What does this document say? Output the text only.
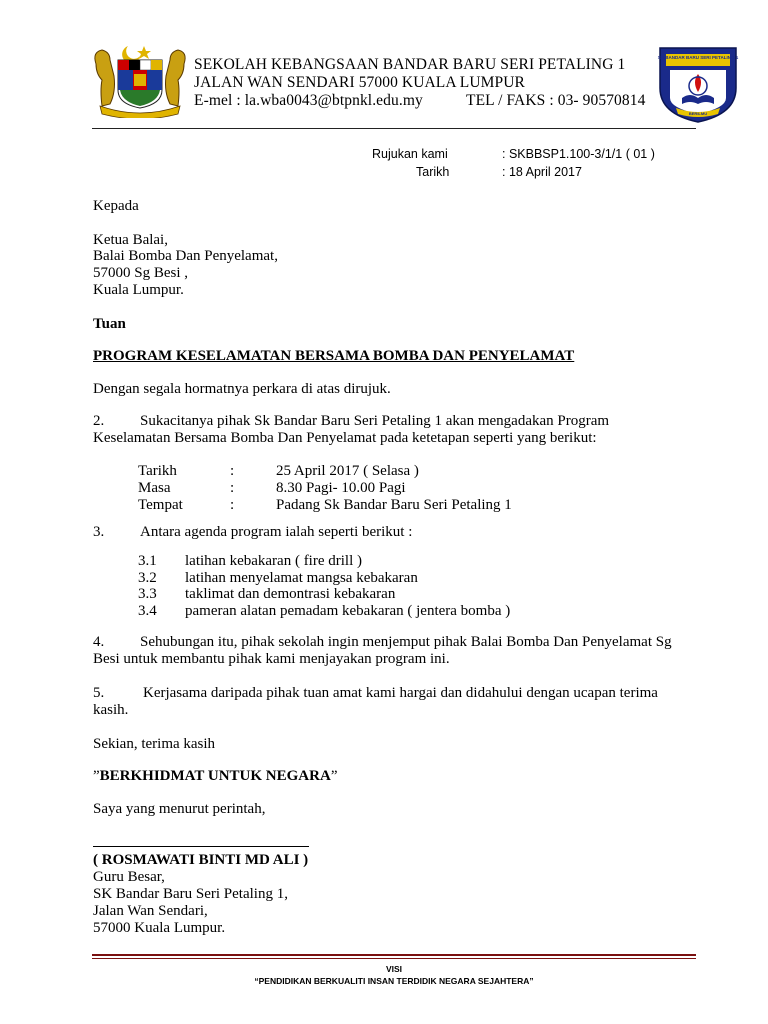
SEKOLAH KEBANGSAAN BANDAR BARU SERI PETALING 1
JALAN WAN SENDARI 57000 KUALA LUMPUR
E-mel : la.wba0043@btpnkl.edu.my	TEL / FAKS : 03- 90570814
SK BANDAR BARU SERI PETALING 1
BERILMU
Rujukan kami	: SKBBSP1.100-3/1/1 ( 01 )
Tarikh	: 18 April 2017
Kepada
Ketua Balai,
Balai Bomba Dan Penyelamat,
57000 Sg Besi ,
Kuala Lumpur.
Tuan
PROGRAM KESELAMATAN BERSAMA BOMBA DAN PENYELAMAT
Dengan segala hormatnya perkara di atas dirujuk.
2. Sukacitanya pihak Sk Bandar Baru Seri Petaling 1 akan mengadakan Program
Keselamatan Bersama Bomba Dan Penyelamat pada ketetapan seperti yang berikut:
Tarikh	:	25 April 2017 ( Selasa )
Masa	:	8.30 Pagi- 10.00 Pagi
Tempat	:	Padang Sk Bandar Baru Seri Petaling 1
3. Antara agenda program ialah seperti berikut :
3.1 latihan kebakaran ( fire drill )
3.2 latihan menyelamat mangsa kebakaran
3.3 taklimat dan demontrasi kebakaran
3.4 pameran alatan pemadam kebakaran ( jentera bomba )
4. Sehubungan itu, pihak sekolah ingin menjemput pihak Balai Bomba Dan Penyelamat Sg
Besi untuk membantu pihak kami menjayakan program ini.
5.	Kerjasama daripada pihak tuan amat kami hargai dan didahului dengan ucapan terima
kasih.
Sekian, terima kasih
”BERKHIDMAT UNTUK NEGARA”
Saya yang menurut perintah,
( ROSMAWATI BINTI MD ALI )
Guru Besar,
SK Bandar Baru Seri Petaling 1,
Jalan Wan Sendari,
57000 Kuala Lumpur.
VISI
“PENDIDIKAN BERKUALITI INSAN TERDIDIK NEGARA SEJAHTERA”
